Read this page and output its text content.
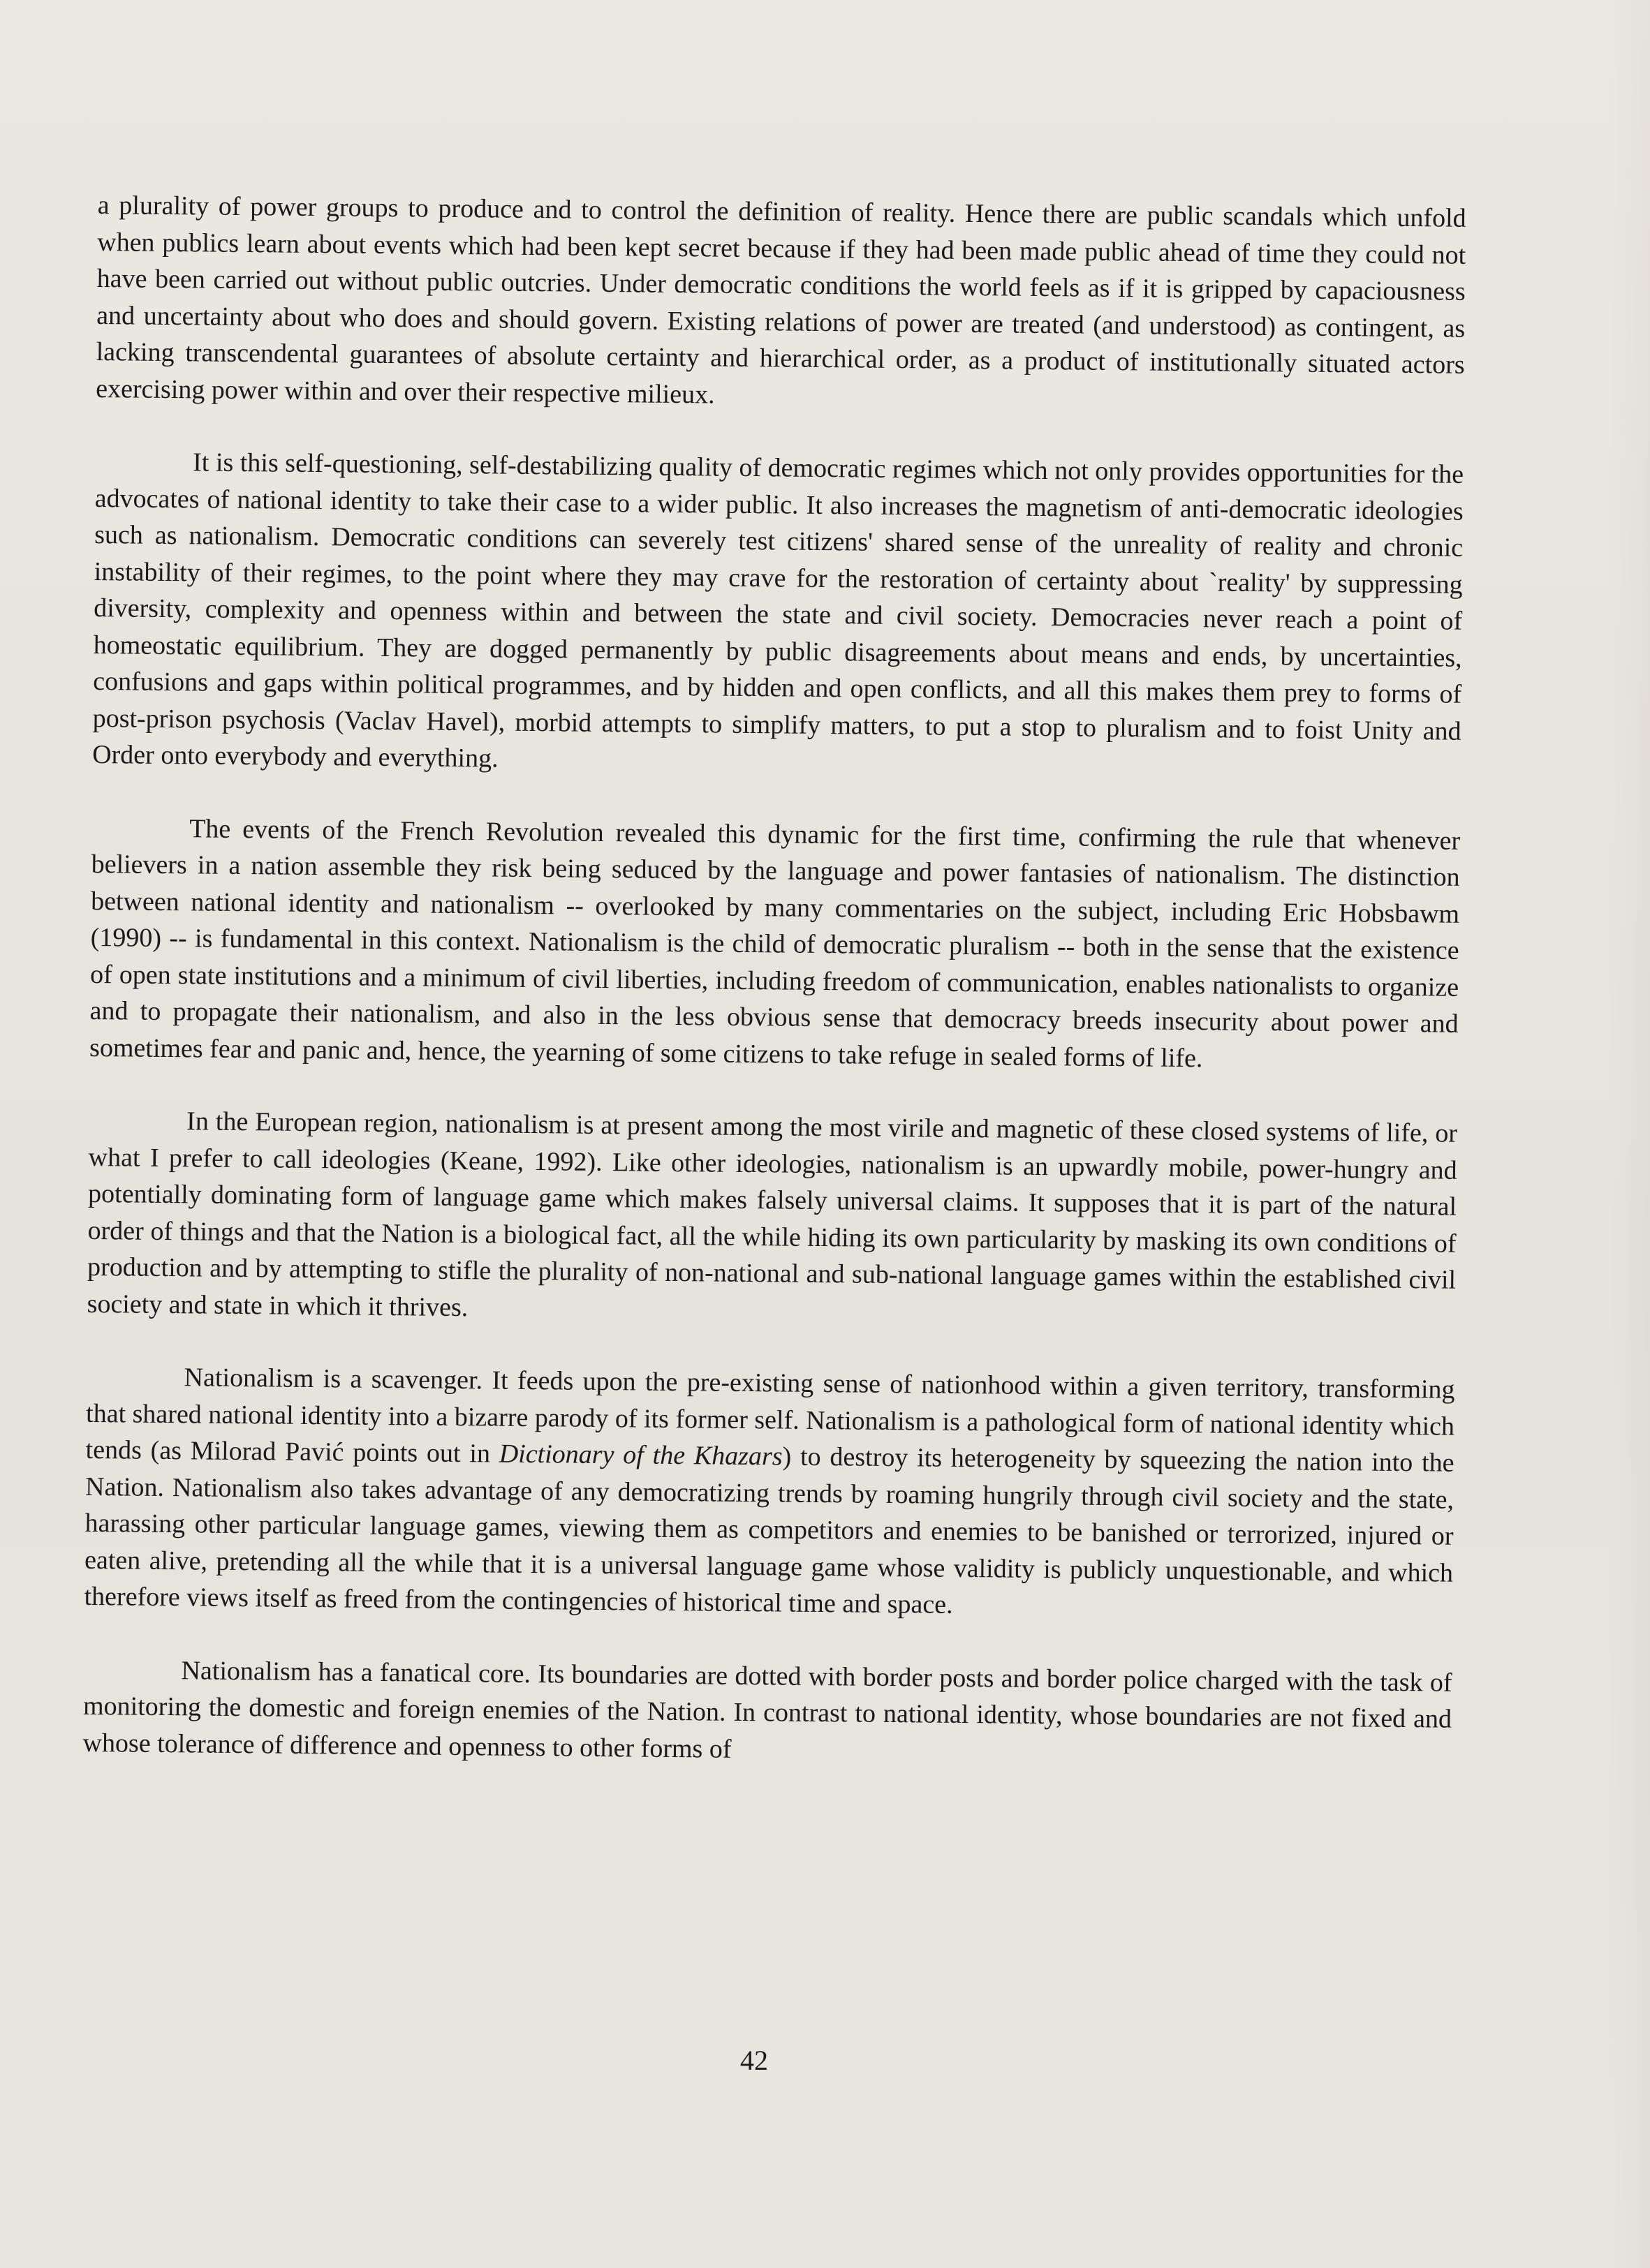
a plurality of power groups to produce and to control the definition of reality. Hence there are public scandals which unfold when publics learn about events which had been kept secret because if they had been made public ahead of time they could not have been carried out without public outcries. Under democratic conditions the world feels as if it is gripped by capaciousness and uncertainty about who does and should govern. Existing relations of power are treated (and understood) as contingent, as lacking transcendental guarantees of absolute certainty and hierarchical order, as a product of institutionally situated actors exercising power within and over their respective milieux.

It is this self-questioning, self-destabilizing quality of democratic regimes which not only provides opportunities for the advocates of national identity to take their case to a wider public. It also increases the magnetism of anti-democratic ideologies such as nationalism. Democratic conditions can severely test citizens' shared sense of the unreality of reality and chronic instability of their regimes, to the point where they may crave for the restoration of certainty about `reality' by suppressing diversity, complexity and openness within and between the state and civil society. Democracies never reach a point of homeostatic equilibrium. They are dogged permanently by public disagreements about means and ends, by uncertainties, confusions and gaps within political programmes, and by hidden and open conflicts, and all this makes them prey to forms of post-prison psychosis (Vaclav Havel), morbid attempts to simplify matters, to put a stop to pluralism and to foist Unity and Order onto everybody and everything.

The events of the French Revolution revealed this dynamic for the first time, confirming the rule that whenever believers in a nation assemble they risk being seduced by the language and power fantasies of nationalism. The distinction between national identity and nationalism -- overlooked by many commentaries on the subject, including Eric Hobsbawm (1990) -- is fundamental in this context. Nationalism is the child of democratic pluralism -- both in the sense that the existence of open state institutions and a minimum of civil liberties, including freedom of communication, enables nationalists to organize and to propagate their nationalism, and also in the less obvious sense that democracy breeds insecurity about power and sometimes fear and panic and, hence, the yearning of some citizens to take refuge in sealed forms of life.

In the European region, nationalism is at present among the most virile and magnetic of these closed systems of life, or what I prefer to call ideologies (Keane, 1992). Like other ideologies, nationalism is an upwardly mobile, power-hungry and potentially dominating form of language game which makes falsely universal claims. It supposes that it is part of the natural order of things and that the Nation is a biological fact, all the while hiding its own particularity by masking its own conditions of production and by attempting to stifle the plurality of non-national and sub-national language games within the established civil society and state in which it thrives.

Nationalism is a scavenger. It feeds upon the pre-existing sense of nationhood within a given territory, transforming that shared national identity into a bizarre parody of its former self. Nationalism is a pathological form of national identity which tends (as Milorad Pavić points out in Dictionary of the Khazars) to destroy its heterogeneity by squeezing the nation into the Nation. Nationalism also takes advantage of any democratizing trends by roaming hungrily through civil society and the state, harassing other particular language games, viewing them as competitors and enemies to be banished or terrorized, injured or eaten alive, pretending all the while that it is a universal language game whose validity is publicly unquestionable, and which therefore views itself as freed from the contingencies of historical time and space.

Nationalism has a fanatical core. Its boundaries are dotted with border posts and border police charged with the task of monitoring the domestic and foreign enemies of the Nation. In contrast to national identity, whose boundaries are not fixed and whose tolerance of difference and openness to other forms of

42
